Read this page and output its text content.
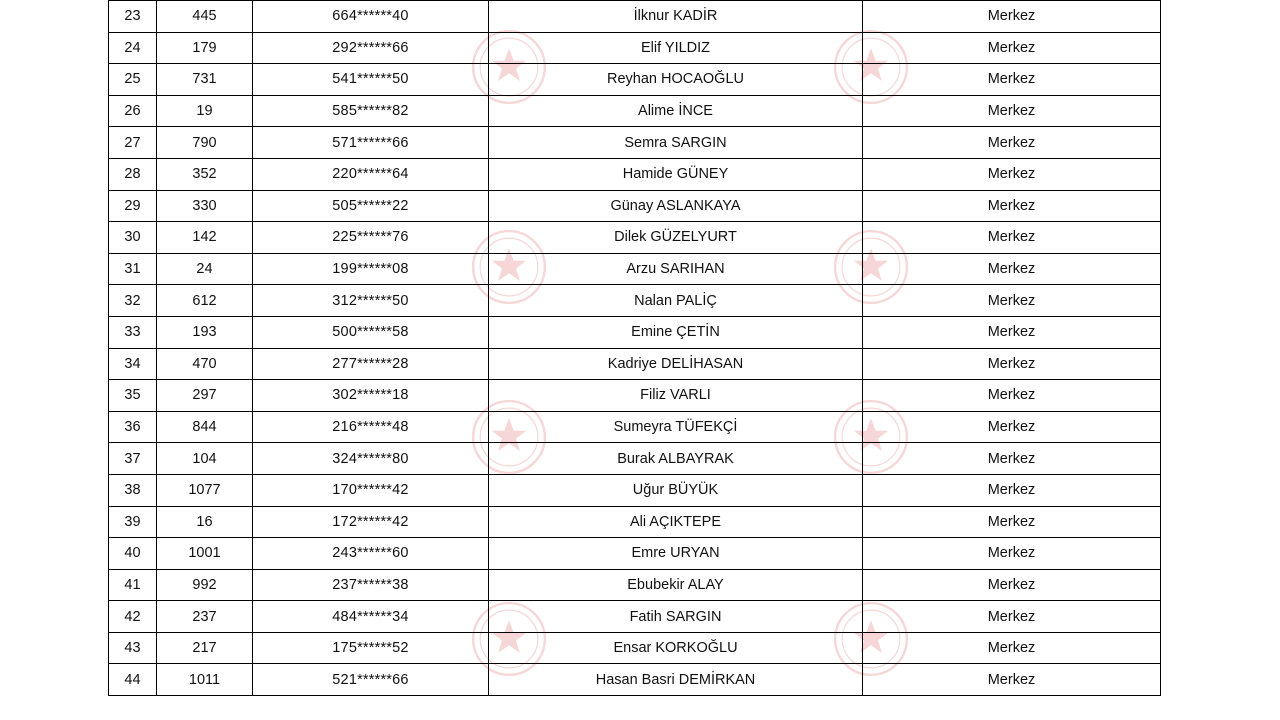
23	445	664******40	İlknur KADİR	Merkez
24	179	292******66	Elif YILDIZ	Merkez
25	731	541******50	Reyhan HOCAOĞLU	Merkez
26	19	585******82	Alime İNCE	Merkez
27	790	571******66	Semra SARGIN	Merkez
28	352	220******64	Hamide GÜNEY	Merkez
29	330	505******22	Günay ASLANKAYA	Merkez
30	142	225******76	Dilek GÜZELYURT	Merkez
31	24	199******08	Arzu SARIHAN	Merkez
32	612	312******50	Nalan PALİÇ	Merkez
33	193	500******58	Emine ÇETİN	Merkez
34	470	277******28	Kadriye DELİHASAN	Merkez
35	297	302******18	Filiz VARLI	Merkez
36	844	216******48	Sumeyra TÜFEKÇİ	Merkez
37	104	324******80	Burak ALBAYRAK	Merkez
38	1077	170******42	Uğur BÜYÜK	Merkez
39	16	172******42	Ali AÇIKTEPE	Merkez
40	1001	243******60	Emre URYAN	Merkez
41	992	237******38	Ebubekir ALAY	Merkez
42	237	484******34	Fatih SARGIN	Merkez
43	217	175******52	Ensar KORKOĞLU	Merkez
44	1011	521******66	Hasan Basri DEMİRKAN	Merkez
